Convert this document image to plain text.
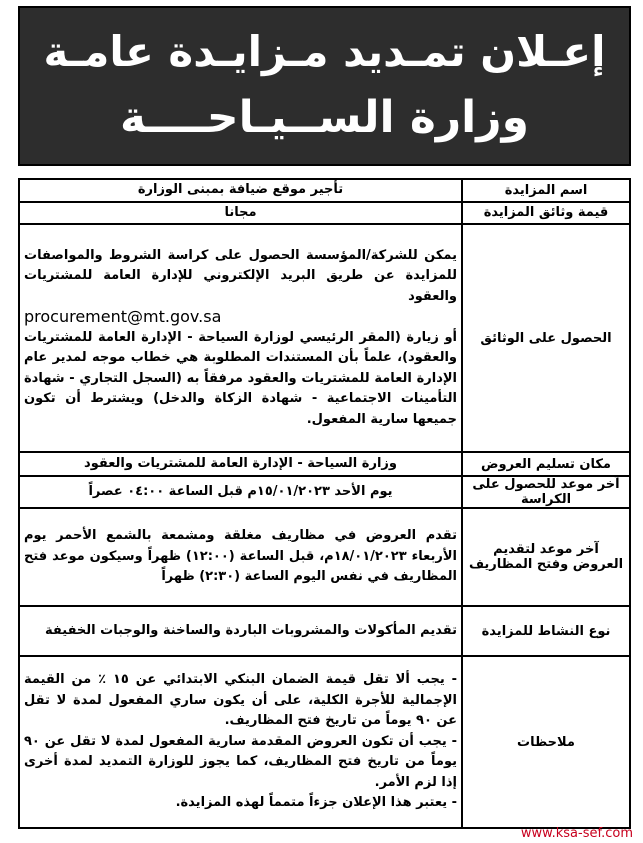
إعـلان تمـديد مـزايـدة عامـة
وزارة الســيـاحــــة
اسم المزايدة	تأجير موقع ضيافة بمبنى الوزارة
قيمة وثائق المزايدة	مجانا
الحصول على الوثائق	يمكن للشركة/المؤسسة الحصول على كراسة الشروط والمواصفات للمزايدة عن طريق البريد الإلكتروني للإدارة العامة للمشتريات والعقود
procurement@mt.gov.sa
أو زيارة (المقر الرئيسي لوزارة السياحة - الإدارة العامة للمشتريات والعقود)، علماً بأن المستندات المطلوبة هي خطاب موجه لمدير عام الإدارة العامة للمشتريات والعقود مرفقاً به (السجل التجاري - شهادة التأمينات الاجتماعية - شهادة الزكاة والدخل) ويشترط أن تكون جميعها سارية المفعول.
مكان تسليم العروض	وزارة السياحة - الإدارة العامة للمشتريات والعقود
آخر موعد للحصول على الكراسة	يوم الأحد ١٥/٠١/٢٠٢٣م قبل الساعة ٠٤:٠٠ عصراً
آخر موعد لتقديم العروض وفتح المظاريف	تقدم العروض في مظاريف مغلقة ومشمعة بالشمع الأحمر يوم الأربعاء ١٨/٠١/٢٠٢٣م، قبل الساعة (١٢:٠٠) ظهراً وسيكون موعد فتح المظاريف في نفس اليوم الساعة (٢:٣٠) ظهراً
نوع النشاط للمزايدة	تقديم المأكولات والمشروبات الباردة والساخنة والوجبات الخفيفة
ملاحظات	- يجب ألا تقل قيمة الضمان البنكي الابتدائي عن ١٥ ٪ من القيمة الإجمالية للأجرة الكلية، على أن يكون ساري المفعول لمدة لا تقل عن ٩٠ يوماً من تاريخ فتح المظاريف.
- يجب أن تكون العروض المقدمة سارية المفعول لمدة لا تقل عن ٩٠ يوماً من تاريخ فتح المظاريف، كما يجوز للوزارة التمديد لمدة أخرى إذا لزم الأمر.
- يعتبر هذا الإعلان جزءاً متمماً لهذه المزايدة.
www.ksa-sef.com
